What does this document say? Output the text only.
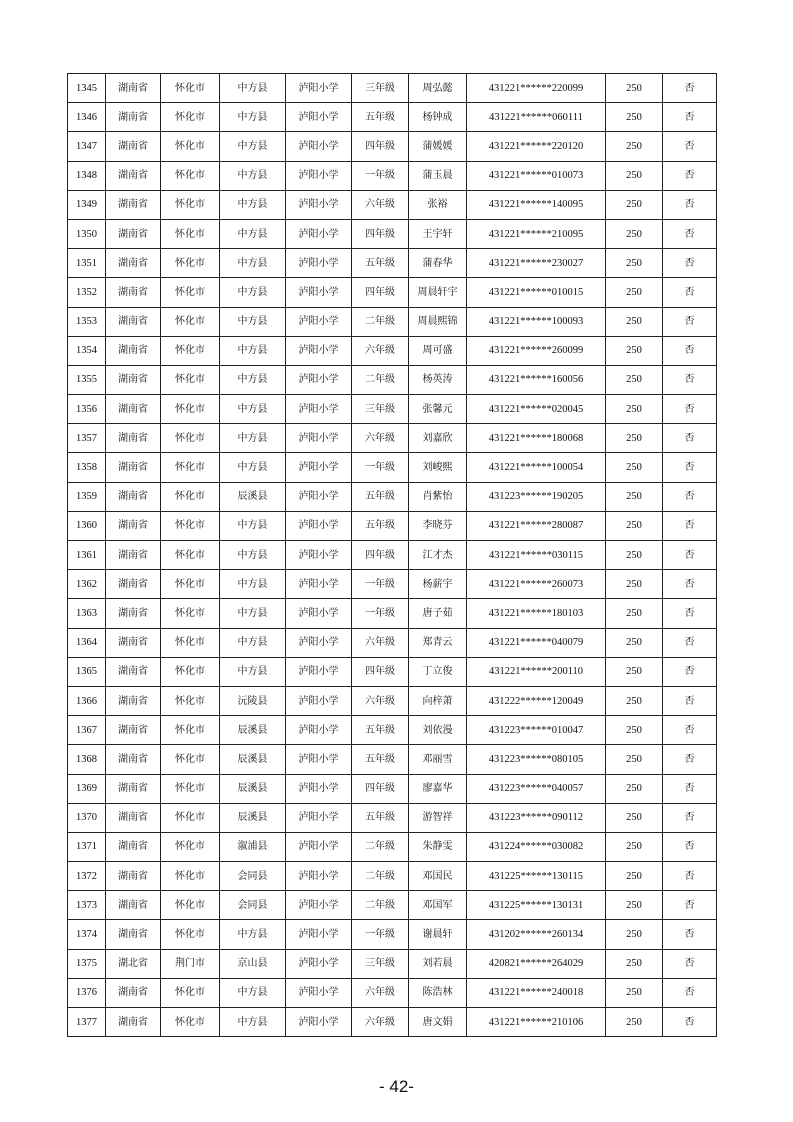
1345	湖南省	怀化市	中方县	泸阳小学	三年级	周弘懿	431221******220099	250	否
1346	湖南省	怀化市	中方县	泸阳小学	五年级	杨钟成	431221******060111	250	否
1347	湖南省	怀化市	中方县	泸阳小学	四年级	蒲媛媛	431221******220120	250	否
1348	湖南省	怀化市	中方县	泸阳小学	一年级	蒲玉晨	431221******010073	250	否
1349	湖南省	怀化市	中方县	泸阳小学	六年级	张裕	431221******140095	250	否
1350	湖南省	怀化市	中方县	泸阳小学	四年级	王宇轩	431221******210095	250	否
1351	湖南省	怀化市	中方县	泸阳小学	五年级	蒲春华	431221******230027	250	否
1352	湖南省	怀化市	中方县	泸阳小学	四年级	周晨轩宇	431221******010015	250	否
1353	湖南省	怀化市	中方县	泸阳小学	二年级	周晨熙锦	431221******100093	250	否
1354	湖南省	怀化市	中方县	泸阳小学	六年级	周可盛	431221******260099	250	否
1355	湖南省	怀化市	中方县	泸阳小学	二年级	杨英涛	431221******160056	250	否
1356	湖南省	怀化市	中方县	泸阳小学	三年级	张馨元	431221******020045	250	否
1357	湖南省	怀化市	中方县	泸阳小学	六年级	刘嘉欣	431221******180068	250	否
1358	湖南省	怀化市	中方县	泸阳小学	一年级	刘峻熙	431221******100054	250	否
1359	湖南省	怀化市	辰溪县	泸阳小学	五年级	肖紫怡	431223******190205	250	否
1360	湖南省	怀化市	中方县	泸阳小学	五年级	李晓芬	431221******280087	250	否
1361	湖南省	怀化市	中方县	泸阳小学	四年级	江才杰	431221******030115	250	否
1362	湖南省	怀化市	中方县	泸阳小学	一年级	杨薪宇	431221******260073	250	否
1363	湖南省	怀化市	中方县	泸阳小学	一年级	唐子茹	431221******180103	250	否
1364	湖南省	怀化市	中方县	泸阳小学	六年级	郑青云	431221******040079	250	否
1365	湖南省	怀化市	中方县	泸阳小学	四年级	丁立俊	431221******200110	250	否
1366	湖南省	怀化市	沅陵县	泸阳小学	六年级	向梓萧	431222******120049	250	否
1367	湖南省	怀化市	辰溪县	泸阳小学	五年级	刘依漫	431223******010047	250	否
1368	湖南省	怀化市	辰溪县	泸阳小学	五年级	邓丽雪	431223******080105	250	否
1369	湖南省	怀化市	辰溪县	泸阳小学	四年级	廖嘉华	431223******040057	250	否
1370	湖南省	怀化市	辰溪县	泸阳小学	五年级	游智祥	431223******090112	250	否
1371	湖南省	怀化市	溆浦县	泸阳小学	二年级	朱静雯	431224******030082	250	否
1372	湖南省	怀化市	会同县	泸阳小学	二年级	邓国民	431225******130115	250	否
1373	湖南省	怀化市	会同县	泸阳小学	二年级	邓国军	431225******130131	250	否
1374	湖南省	怀化市	中方县	泸阳小学	一年级	谢晨轩	431202******260134	250	否
1375	湖北省	荆门市	京山县	泸阳小学	三年级	刘若晨	420821******264029	250	否
1376	湖南省	怀化市	中方县	泸阳小学	六年级	陈浩林	431221******240018	250	否
1377	湖南省	怀化市	中方县	泸阳小学	六年级	唐文娟	431221******210106	250	否
- 42-
